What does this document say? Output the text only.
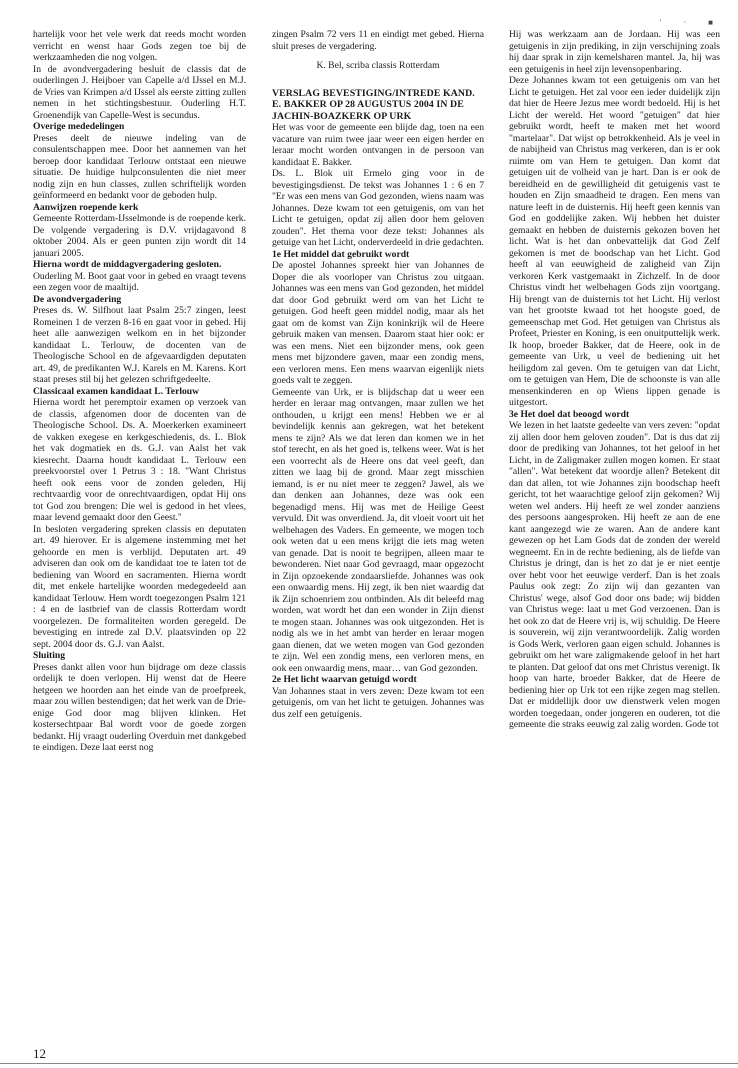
' · ■

hartelijk voor het vele werk dat reeds mocht worden verricht en wenst haar Gods zegen toe bij de werkzaamheden die nog volgen.

In de avondvergadering besluit de classis dat de ouderlingen J. Heijboer van Capelle a/d IJssel en M.J. de Vries van Krimpen a/d IJssel als eerste zitting zullen nemen in het stichtingsbestuur. Ouderling H.T. Groenendijk van Capelle-West is secundus.

Overige mededelingen

Preses deelt de nieuwe indeling van de consulentschappen mee. Door het aannemen van het beroep door kandidaat Terlouw ontstaat een nieuwe situatie. De huidige hulpconsulenten die niet meer nodig zijn en hun classes, zullen schriftelijk worden geïnformeerd en bedankt voor de geboden hulp.

Aanwijzen roepende kerk

Gemeente Rotterdam-IJsselmonde is de roepende kerk. De volgende vergadering is D.V. vrijdagavond 8 oktober 2004. Als er geen punten zijn wordt dit 14 januari 2005.

Hierna wordt de middagvergadering gesloten.

Ouderling M. Boot gaat voor in gebed en vraagt tevens een zegen voor de maaltijd.

De avondvergadering

Preses ds. W. Silfhout laat Psalm 25:7 zingen, leest Romeinen 1 de verzen 8-16 en gaat voor in gebed. Hij heet alle aanwezigen welkom en in het bijzonder kandidaat L. Terlouw, de docenten van de Theologische School en de afgevaardigden deputaten art. 49, de predikanten W.J. Karels en M. Karens. Kort staat preses stil bij het gelezen schriftgedeelte.

Classicaal examen kandidaat L. Terlouw

Hierna wordt het peremptoir examen op verzoek van de classis, afgenomen door de docenten van de Theologische School. Ds. A. Moerkerken examineert de vakken exegese en kerkgeschiedenis, ds. L. Blok het vak dogmatiek en ds. G.J. van Aalst het vak kiesrecht. Daarna houdt kandidaat L. Terlouw een preekvoorstel over 1 Petrus 3 : 18. "Want Christus heeft ook eens voor de zonden geleden, Hij rechtvaardig voor de onrechtvaardigen, opdat Hij ons tot God zou brengen: Die wel is gedood in het vlees, maar levend gemaakt door den Geest."

In besloten vergadering spreken classis en deputaten art. 49 hierover. Er is algemene instemming met het gehoorde en men is verblijd. Deputaten art. 49 adviseren dan ook om de kandidaat toe te laten tot de bediening van Woord en sacramenten. Hierna wordt dit, met enkele hartelijke woorden medegedeeld aan kandidaat Terlouw. Hem wordt toegezongen Psalm 121 : 4 en de lastbrief van de classis Rotterdam wordt voorgelezen. De formaliteiten worden geregeld. De bevestiging en intrede zal D.V. plaatsvinden op 22 sept. 2004 door ds. G.J. van Aalst.

Sluiting

Preses dankt allen voor hun bijdrage om deze classis ordelijk te doen verlopen. Hij wenst dat de Heere hetgeen we hoorden aan het einde van de proefpreek, maar zou willen bestendigen; dat het werk van de Drie-enige God door mag blijven klinken. Het kostersechtpaar Bal wordt voor de goede zorgen bedankt. Hij vraagt ouderling Overduin met dankgebed te eindigen. Deze laat eerst nog

zingen Psalm 72 vers 11 en eindigt met gebed. Hierna sluit preses de vergadering.

K. Bel, scriba classis Rotterdam

VERSLAG BEVESTIGING/INTREDE KAND. E. BAKKER OP 28 AUGUSTUS 2004 IN DE JACHIN-BOAZKERK OP URK

Het was voor de gemeente een blijde dag, toen na een vacature van ruim twee jaar weer een eigen herder en leraar mocht worden ontvangen in de persoon van kandidaat E. Bakker.

Ds. L. Blok uit Ermelo ging voor in de bevestigingsdienst. De tekst was Johannes 1 : 6 en 7 "Er was een mens van God gezonden, wiens naam was Johannes. Deze kwam tot een getuigenis, om van het Licht te getuigen, opdat zij allen door hem geloven zouden". Het thema voor deze tekst: Johannes als getuige van het Licht, onderverdeeld in drie gedachten.

1e Het middel dat gebruikt wordt

De apostel Johannes spreekt hier van Johannes de Doper die als voorloper van Christus zou uitgaan. Johannes was een mens van God gezonden, het middel dat door God gebruikt werd om van het Licht te getuigen. God heeft geen middel nodig, maar als het gaat om de komst van Zijn koninkrijk wil de Heere gebruik maken van mensen. Daarom staat hier ook: er was een mens. Niet een bijzonder mens, ook geen mens met bijzondere gaven, maar een zondig mens, een verloren mens. Een mens waarvan eigenlijk niets goeds valt te zeggen.

Gemeente van Urk, er is blijdschap dat u weer een herder en leraar mag ontvangen, maar zullen we het onthouden, u krijgt een mens! Hebben we er al bevindelijk kennis aan gekregen, wat het betekent mens te zijn? Als we dat leren dan komen we in het stof terecht, en als het goed is, telkens weer. Wat is het een voorrecht als de Heere ons dat veel geeft, dan zitten we laag bij de grond. Maar zegt misschien iemand, is er nu niet meer te zeggen? Jawel, als we dan denken aan Johannes, deze was ook een begenadigd mens. Hij was met de Heilige Geest vervuld. Dit was onverdiend. Ja, dit vloeit voort uit het welbehagen des Vaders. En gemeente, we mogen toch ook weten dat u een mens krijgt die iets mag weten van genade. Dat is nooit te begrijpen, alleen maar te bewonderen. Niet naar God gevraagd, maar opgezocht in Zijn opzoekende zondaarsliefde. Johannes was ook een onwaardig mens. Hij zegt, ik ben niet waardig dat ik Zijn schoenriem zou ontbinden. Als dit beleefd mag worden, wat wordt het dan een wonder in Zijn dienst te mogen staan. Johannes was ook uitgezonden. Het is nodig als we in het ambt van herder en leraar mogen gaan dienen, dat we weten mogen van God gezonden te zijn. Wel een zondig mens, een verloren mens, en ook een onwaardig mens, maar… van God gezonden.

2e Het licht waarvan getuigd wordt

Van Johannes staat in vers zeven: Deze kwam tot een getuigenis, om van het licht te getuigen. Johannes was dus zelf een getuigenis.

Hij was werkzaam aan de Jordaan. Hij was een getuigenis in zijn prediking, in zijn verschijning zoals hij daar sprak in zijn kemelsharen mantel. Ja, hij was een getuigenis in heel zijn levensopenbaring.

Deze Johannes kwam tot een getuigenis om van het Licht te getuigen. Het zal voor een ieder duidelijk zijn dat hier de Heere Jezus mee wordt bedoeld. Hij is het Licht der wereld. Het woord "getuigen" dat hier gebruikt wordt, heeft te maken met het woord "martelaar". Dat wijst op betrokkenheid. Als je veel in de nabijheid van Christus mag verkeren, dan is er ook ruimte om van Hem te getuigen. Dan komt dat getuigen uit de volheid van je hart. Dan is er ook de bereidheid en de gewilligheid dit getuigenis vast te houden en Zijn smaadheid te dragen. Een mens van nature leeft in de duisternis. Hij heeft geen kennis van God en goddelijke zaken. Wij hebben het duister gemaakt en hebben de duisternis gekozen boven het licht. Wat is het dan onbevattelijk dat God Zelf gekomen is met de boodschap van het Licht. God heeft al van eeuwigheid de zaligheid van Zijn verkoren Kerk vastgemaakt in Zichzelf. In de door Christus vindt het welbehagen Gods zijn voortgang. Hij brengt van de duisternis tot het Licht. Hij verlost van het grootste kwaad tot het hoogste goed, de gemeenschap met God. Het getuigen van Christus als Profeet, Priester en Koning, is een onuitputtelijk werk. Ik hoop, broeder Bakker, dat de Heere, ook in de gemeente van Urk, u veel de bediening uit het heiligdom zal geven. Om te getuigen van dat Licht, om te getuigen van Hem, Die de schoonste is van alle mensenkinderen en op Wiens lippen genade is uitgestort.

3e Het doel dat beoogd wordt

We lezen in het laatste gedeelte van vers zeven: "opdat zij allen door hem geloven zouden". Dat is dus dat zij door de prediking van Johannes, tot het geloof in het Licht, in de Zaligmaker zullen mogen komen. Er staat "allen". Wat betekent dat woordje allen? Betekent dit dan dat allen, tot wie Johannes zijn boodschap heeft gericht, tot het waarachtige geloof zijn gekomen? Wij weten wel anders. Hij heeft ze wel zonder aanziens des persoons aangesproken. Hij heeft ze aan de ene kant aangezegd wie ze waren. Aan de andere kant gewezen op het Lam Gods dat de zonden der wereld wegneemt. En in de rechte bediening, als de liefde van Christus je dringt, dan is het zo dat je er niet eentje over hebt voor het eeuwige verderf. Dan is het zoals Paulus ook zegt: Zo zijn wij dan gezanten van Christus' wege, alsof God door ons bade; wij bidden van Christus wege: laat u met God verzoenen. Dan is het ook zo dat de Heere vrij is, wij schuldig. De Heere is souverein, wij zijn verantwoordelijk. Zalig worden is Gods Werk, verloren gaan eigen schuld. Johannes is gebruikt om het ware zaligmakende geloof in het hart te planten. Dat geloof dat ons met Christus verenigt. Ik hoop van harte, broeder Bakker, dat de Heere de bediening hier op Urk tot een rijke zegen mag stellen. Dat er middellijk door uw dienstwerk velen mogen worden toegedaan, onder jongeren en ouderen, tot die gemeente die straks eeuwig zal zalig worden. Gode tot

12
